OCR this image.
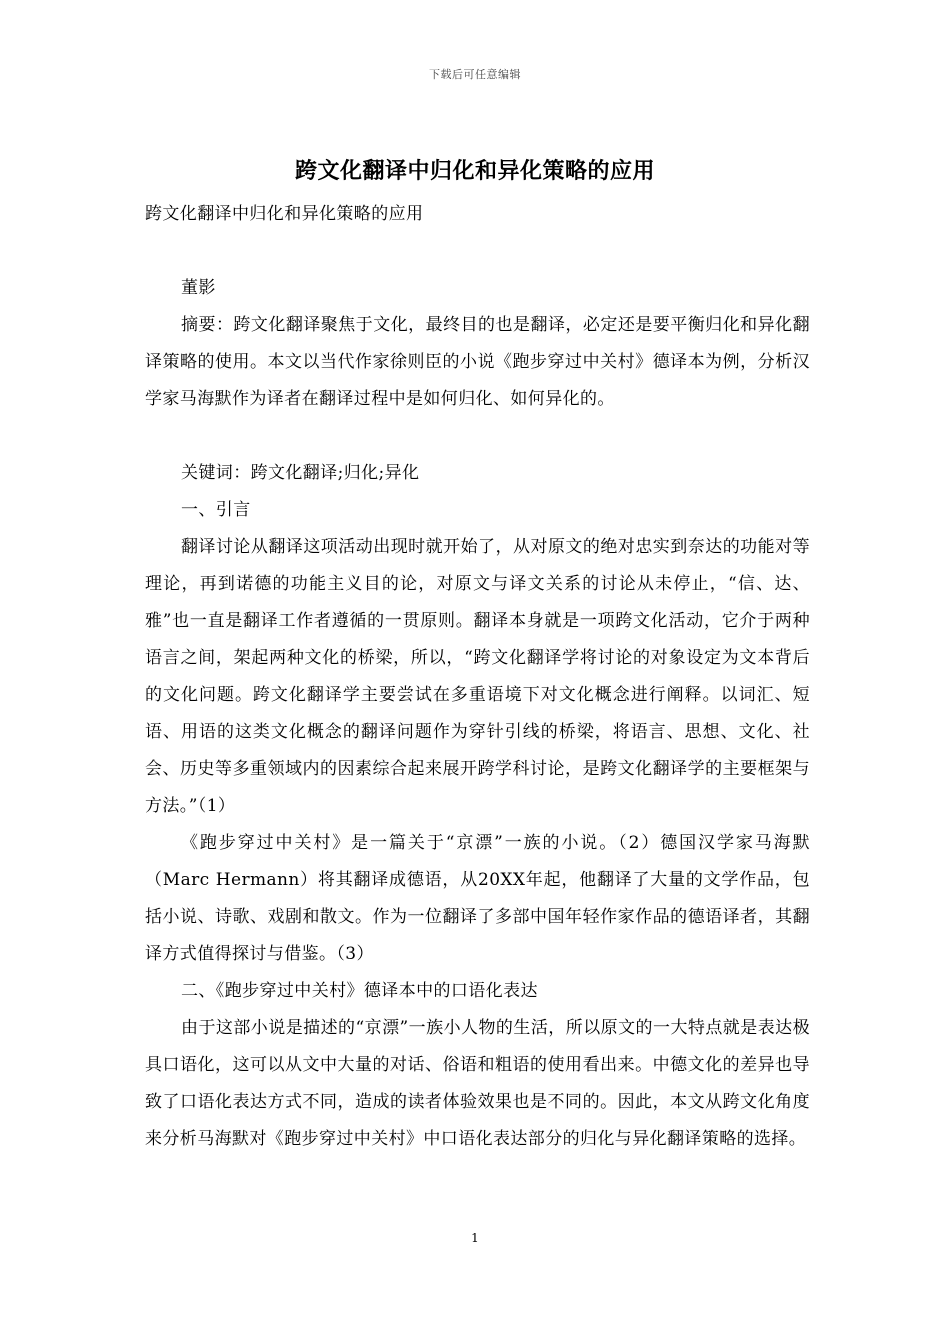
下载后可任意编辑
跨文化翻译中归化和异化策略的应用

跨文化翻译中归化和异化策略的应用

董影

摘要：跨文化翻译聚焦于文化，最终目的也是翻译，必定还是要平衡归化和异化翻译策略的使用。本文以当代作家徐则臣的小说《跑步穿过中关村》德译本为例，分析汉学家马海默作为译者在翻译过程中是如何归化、如何异化的。

关键词：跨文化翻译;归化;异化

一、引言

翻译讨论从翻译这项活动出现时就开始了，从对原文的绝对忠实到奈达的功能对等理论，再到诺德的功能主义目的论，对原文与译文关系的讨论从未停止，“信、达、雅”也一直是翻译工作者遵循的一贯原则。翻译本身就是一项跨文化活动，它介于两种语言之间，架起两种文化的桥梁，所以，“跨文化翻译学将讨论的对象设定为文本背后的文化问题。跨文化翻译学主要尝试在多重语境下对文化概念进行阐释。以词汇、短语、用语的这类文化概念的翻译问题作为穿针引线的桥梁，将语言、思想、文化、社会、历史等多重领域内的因素综合起来展开跨学科讨论，是跨文化翻译学的主要框架与方法。”（1）

《跑步穿过中关村》是一篇关于“京漂”一族的小说。（2）德国汉学家马海默（Marc Hermann）将其翻译成德语，从20XX年起，他翻译了大量的文学作品，包括小说、诗歌、戏剧和散文。作为一位翻译了多部中国年轻作家作品的德语译者，其翻译方式值得探讨与借鉴。（3）

二、《跑步穿过中关村》德译本中的口语化表达

由于这部小说是描述的“京漂”一族小人物的生活，所以原文的一大特点就是表达极具口语化，这可以从文中大量的对话、俗语和粗语的使用看出来。中德文化的差异也导致了口语化表达方式不同，造成的读者体验效果也是不同的。因此，本文从跨文化角度来分析马海默对《跑步穿过中关村》中口语化表达部分的归化与异化翻译策略的选择。

1
